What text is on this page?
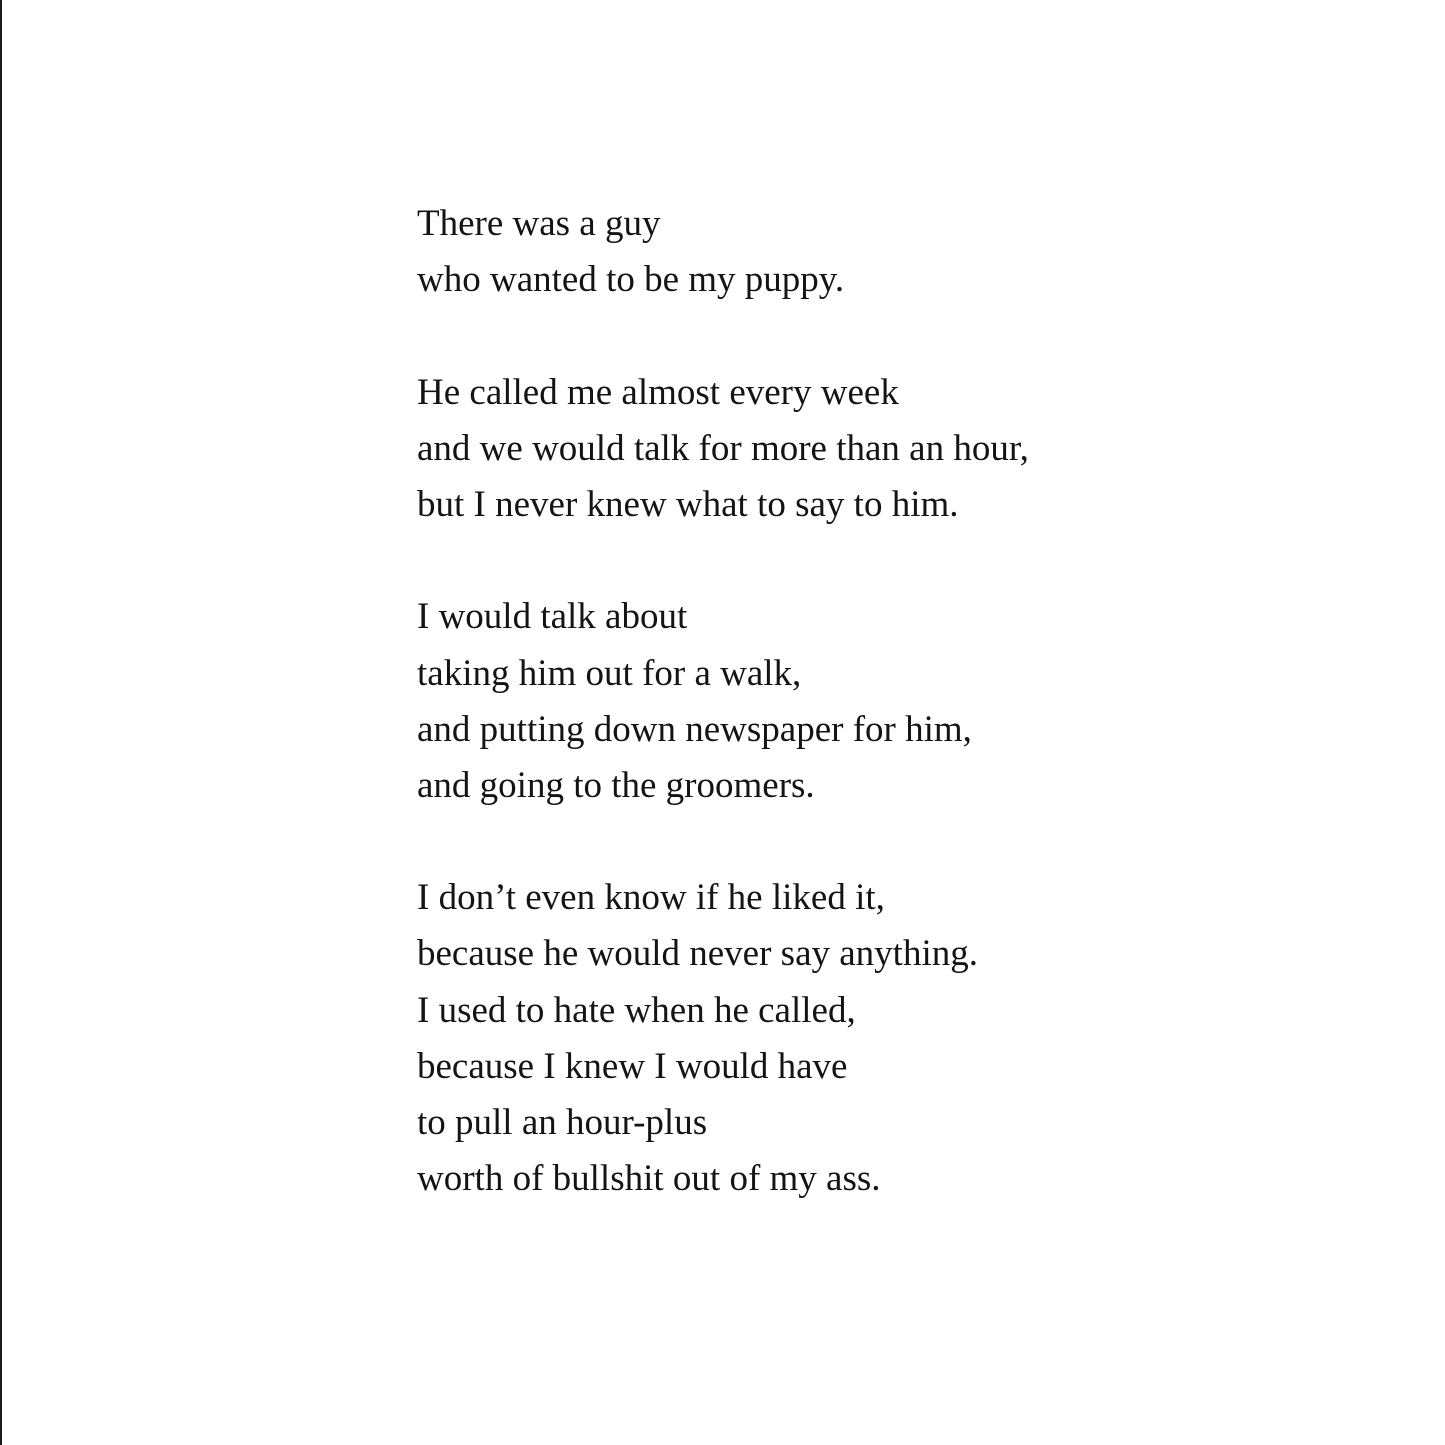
There was a guy
who wanted to be my puppy.
He called me almost every week
and we would talk for more than an hour,
but I never knew what to say to him.
I would talk about
taking him out for a walk,
and putting down newspaper for him,
and going to the groomers.
I don’t even know if he liked it,
because he would never say anything.
I used to hate when he called,
because I knew I would have
to pull an hour-plus
worth of bullshit out of my ass.
